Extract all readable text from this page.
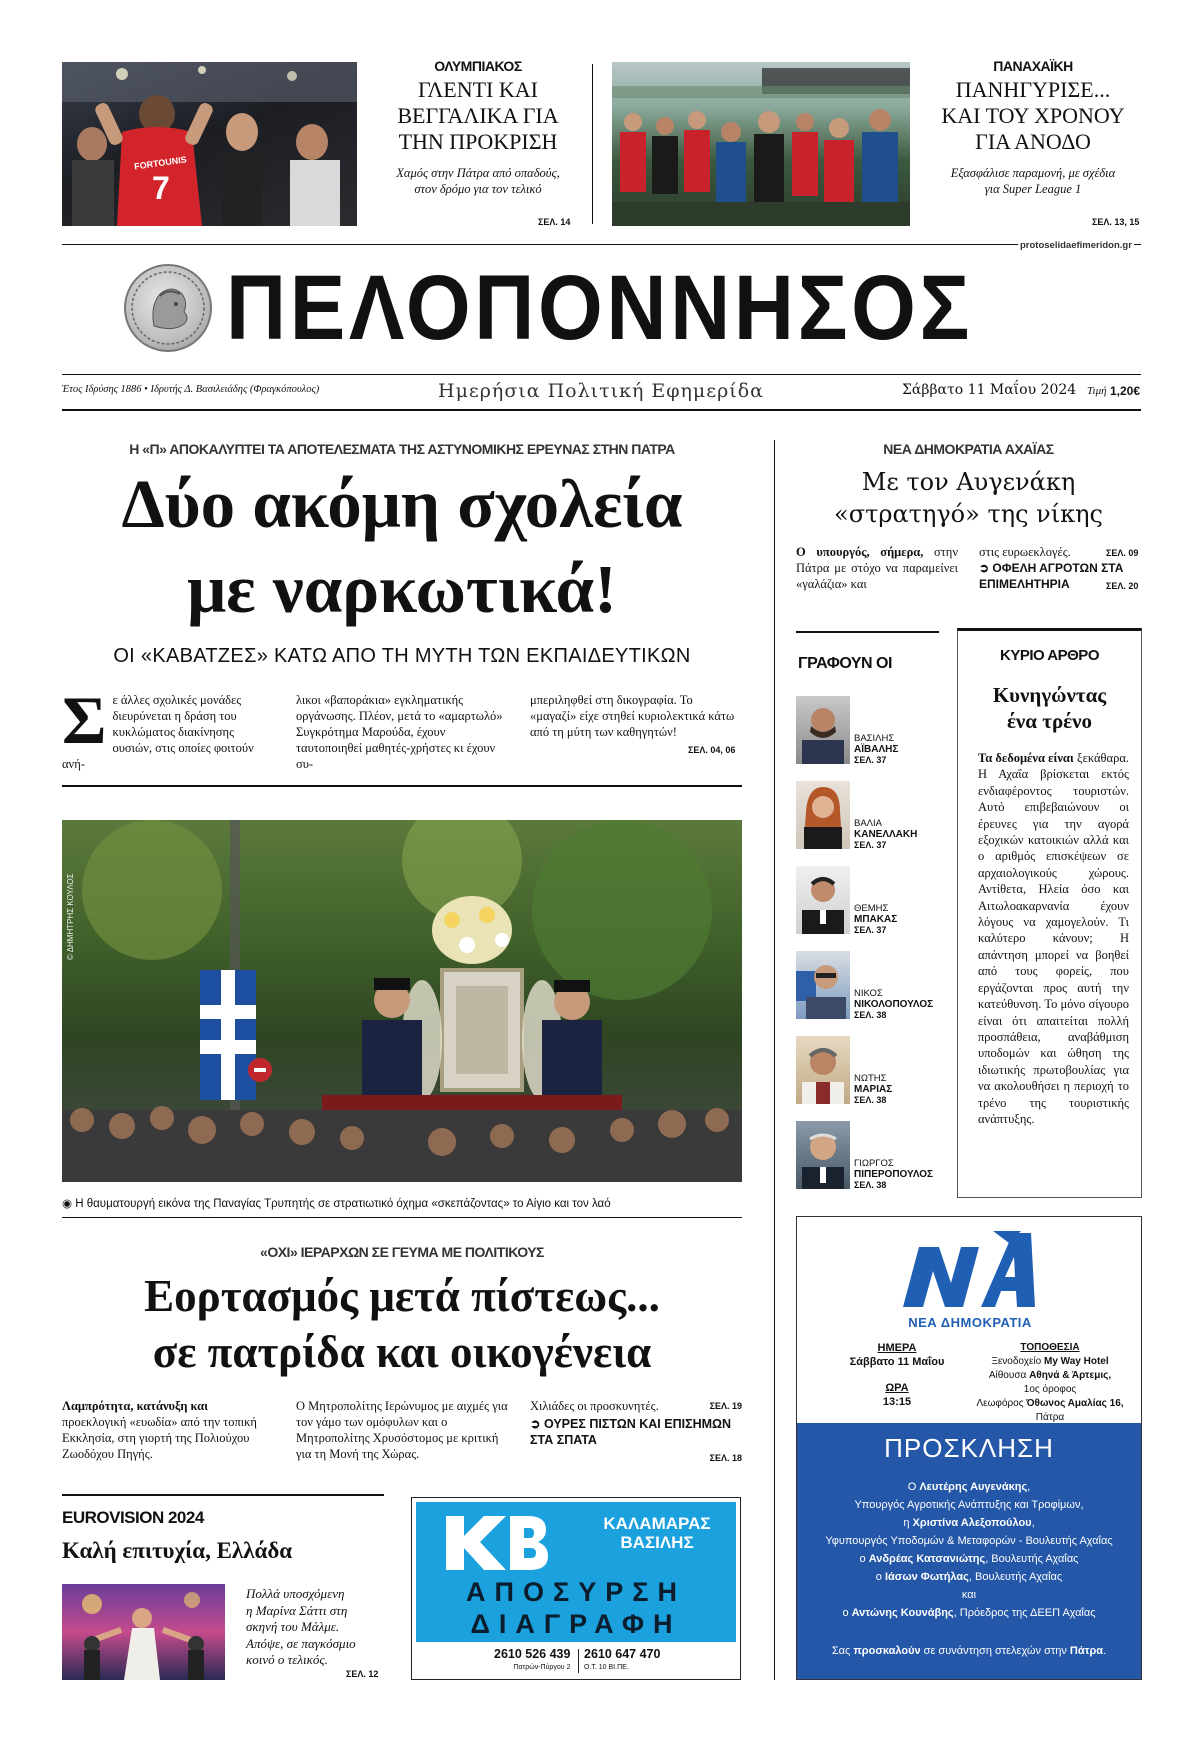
FORTOUNIS
7
ΟΛΥΜΠΙΑΚΟΣ
ΓΛΕΝΤΙ ΚΑΙ
ΒΕΓΓΑΛΙΚΑ ΓΙΑ
ΤΗΝ ΠΡΟΚΡΙΣΗ
Χαμός στην Πάτρα από οπαδούς,
στον δρόμο για τον τελικό
ΣΕΛ. 14
ΠΑΝΑΧΑΪΚΗ
ΠΑΝΗΓΥΡΙΣΕ...
ΚΑΙ ΤΟΥ ΧΡΟΝΟΥ
ΓΙΑ ΑΝΟΔΟ
Εξασφάλισε παραμονή, με σχέδια
για Super League 1
ΣΕΛ. 13, 15
protoselidaefimeridon.gr
ΠΕΛΟΠΟΝΝΗΣΟΣ
Έτος Ιδρύσης 1886 • Ιδρυτής Δ. Βασιλειάδης (Φραγκόπουλος)	Ημερήσια Πολιτική Εφημερίδα	Σάββατο 11 Μαΐου 2024 Τιμή 1,20€
Η «Π» ΑΠΟΚΑΛΥΠΤΕΙ ΤΑ ΑΠΟΤΕΛΕΣΜΑΤΑ ΤΗΣ ΑΣΤΥΝΟΜΙΚΗΣ ΕΡΕΥΝΑΣ ΣΤΗΝ ΠΑΤΡΑ
Δύο ακόμη σχολεία
με ναρκωτικά!
ΟΙ «ΚΑΒΑΤΖΕΣ» ΚΑΤΩ ΑΠΟ ΤΗ ΜΥΤΗ ΤΩΝ ΕΚΠΑΙΔΕΥΤΙΚΩΝ
Σ ε άλλες σχολικές μονάδες διευρύνεται η δράση του κυκλώματος διακίνησης ουσιών, στις οποίες φοιτούν ανή-
λικοι «βαποράκια» εγκληματικής οργάνωσης. Πλέον, μετά το «αμαρτωλό» Συγκρότημα Μαρούδα, έχουν ταυτοποιηθεί μαθητές-χρήστες κι έχουν συ-
μπεριληφθεί στη δικογραφία. Το «μαγαζί» είχε στηθεί κυριολεκτικά κάτω από τη μύτη των καθηγητών!
ΣΕΛ. 04, 06
© ΔΗΜΗΤΡΗΣ ΚΟΥΛΟΣ
◉ Η θαυματουργή εικόνα της Παναγίας Τρυπητής σε στρατιωτικό όχημα «σκεπάζοντας» το Αίγιο και τον λαό
«ΟΧΙ» ΙΕΡΑΡΧΩΝ ΣΕ ΓΕΥΜΑ ΜΕ ΠΟΛΙΤΙΚΟΥΣ
Εορτασμός μετά πίστεως...
σε πατρίδα και οικογένεια
Λαμπρότητα, κατάνυξη και προεκλογική «ευωδία» από την τοπική Εκκλησία, στη γιορτή της Πολιούχου Ζωοδόχου Πηγής.
Ο Μητροπολίτης Ιερώνυμος με αιχμές για τον γάμο των ομόφυλων και ο Μητροπολίτης Χρυσόστομος με κριτική για τη Μονή της Χώρας.
Χιλιάδες οι προσκυνητές.	ΣΕΛ. 19
➲ ΟΥΡΕΣ ΠΙΣΤΩΝ ΚΑΙ ΕΠΙΣΗΜΩΝ ΣΤΑ ΣΠΑΤΑ
ΣΕΛ. 18
EUROVISION 2024
Καλή επιτυχία, Ελλάδα
Πολλά υποσχόμενη
η Μαρίνα Σάττι στη
σκηνή του Μάλμε.
Απόψε, σε παγκόσμιο
κοινό ο τελικός.
ΣΕΛ. 12
ΚΑΛΑΜΑΡΑΣ
ΒΑΣΙΛΗΣ
ΑΠΟΣΥΡΣΗ
ΔΙΑΓΡΑΦΗ
2610 526 439
Πατρών-Πύργου 2
2610 647 470
Ο.Τ. 10 ΒΙ.ΠΕ.
ΝΕΑ ΔΗΜΟΚΡΑΤΙΑ ΑΧΑΪΑΣ
Με τον Αυγενάκη
«στρατηγό» της νίκης
Ο υπουργός, σήμερα, στην Πάτρα με στόχο να παραμείνει «γαλάζια» και
στις ευρωεκλογές.	ΣΕΛ. 09
➲ ΟΦΕΛΗ ΑΓΡΟΤΩΝ ΣΤΑ ΕΠΙΜΕΛΗΤΗΡΙΑ	ΣΕΛ. 20
ΓΡΑΦΟΥΝ ΟΙ
ΒΑΣΙΛΗΣ
ΑΪΒΑΛΗΣ
ΣΕΛ. 37
ΒΑΛΙΑ
ΚΑΝΕΛΛΑΚΗ
ΣΕΛ. 37
ΘΕΜΗΣ
ΜΠΑΚΑΣ
ΣΕΛ. 37
ΝΙΚΟΣ
ΝΙΚΟΛΟΠΟΥΛΟΣ
ΣΕΛ. 38
ΝΩΤΗΣ
ΜΑΡΙΑΣ
ΣΕΛ. 38
ΓΙΩΡΓΟΣ
ΠΙΠΕΡΟΠΟΥΛΟΣ
ΣΕΛ. 38
ΚΥΡΙΟ ΑΡΘΡΟ
Κυνηγώντας
ένα τρένο
Τα δεδομένα είναι ξεκάθαρα. Η Αχαΐα βρίσκεται εκτός ενδιαφέροντος τουριστών. Αυτό επιβεβαιώνουν οι έρευνες για την αγορά εξοχικών κατοικιών αλλά και ο αριθμός επισκέψεων σε αρχαιολογικούς χώρους. Αντίθετα, Ηλεία όσο και Αιτωλοακαρνανία έχουν λόγους να χαμογελούν. Τι καλύτερο κάνουν; Η απάντηση μπορεί να βοηθεί από τους φορείς, που εργάζονται προς αυτή την κατεύθυνση. Το μόνο σίγουρο είναι ότι απαιτείται πολλή προσπάθεια, αναβάθμιση υποδομών και ώθηση της ιδιωτικής πρωτοβουλίας για να ακολουθήσει η περιοχή το τρένο της τουριστικής ανάπτυξης.
ΝΕΑ ΔΗΜΟΚΡΑΤΙΑ
ΗΜΕΡΑ
Σάββατο 11 Μαΐου
ΩΡΑ
13:15
ΤΟΠΟΘΕΣΙΑ
Ξενοδοχείο My Way Hotel
Αίθουσα Αθηνά & Άρτεμις,
1ος όροφος
Λεωφόρος Όθωνος Αμαλίας 16,
Πάτρα
ΠΡΟΣΚΛΗΣΗ
Ο Λευτέρης Αυγενάκης,
Υπουργός Αγροτικής Ανάπτυξης και Τροφίμων,
η Χριστίνα Αλεξοπούλου,
Υφυπουργός Υποδομών & Μεταφορών - Βουλευτής Αχαΐας
ο Ανδρέας Κατσανιώτης, Βουλευτής Αχαΐας
ο Ιάσων Φωτήλας, Βουλευτής Αχαΐας
και
ο Αντώνης Κουνάβης, Πρόεδρος της ΔΕΕΠ Αχαΐας
Σας προσκαλούν σε συνάντηση στελεχών στην Πάτρα.
